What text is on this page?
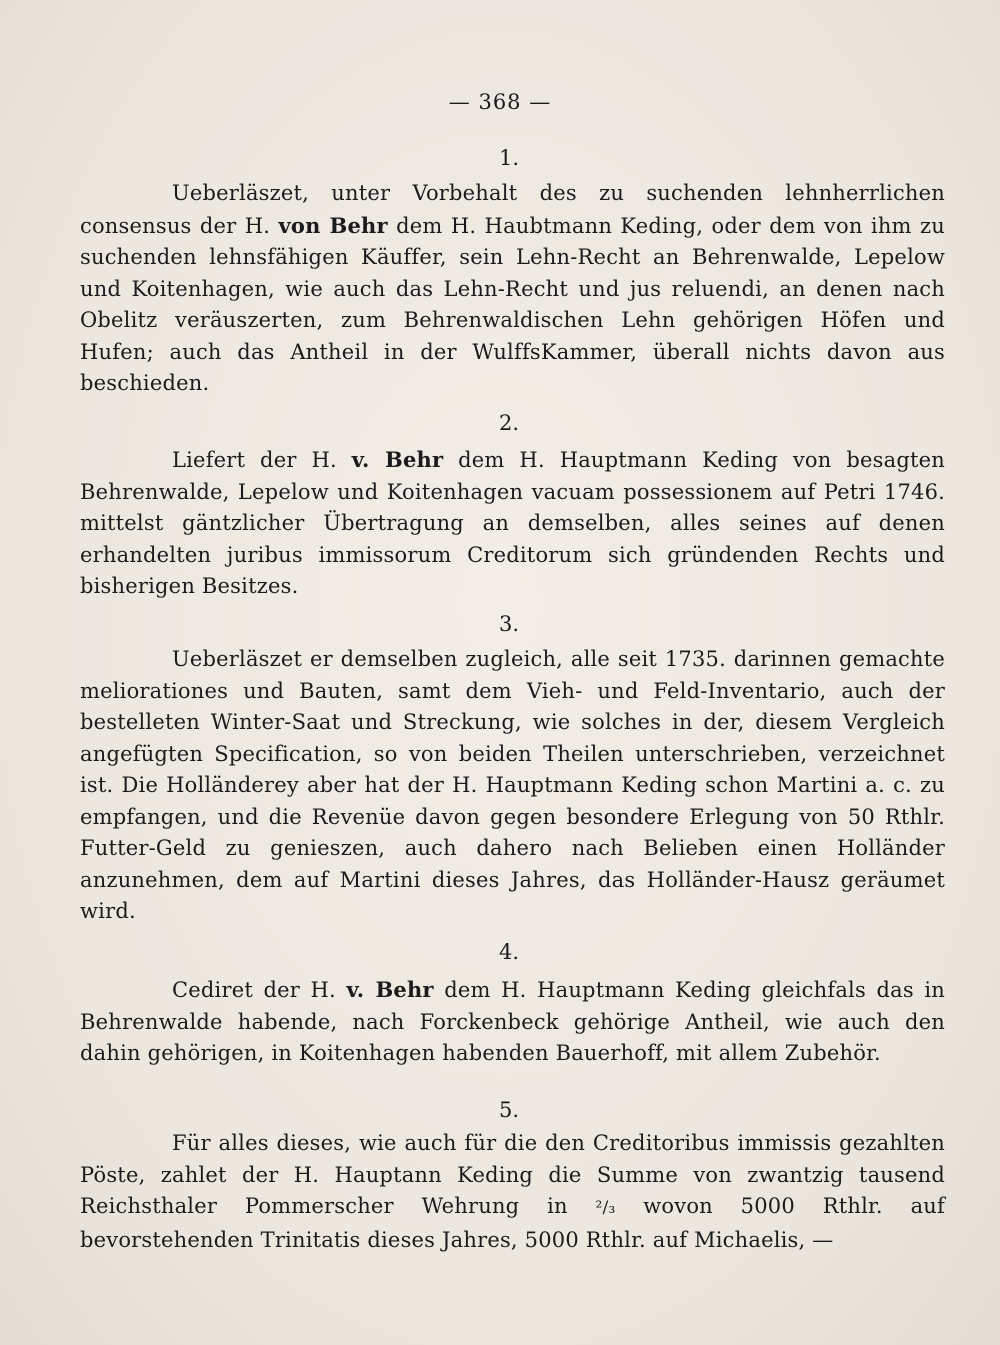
— 368 —
1.

Ueberläszet, unter Vorbehalt des zu suchenden lehnherrlichen consensus der H. von Behr dem H. Haubtmann Keding, oder dem von ihm zu suchenden lehnsfähigen Käuffer, sein Lehn-Recht an Behrenwalde, Lepelow und Koitenhagen, wie auch das Lehn-Recht und jus reluendi, an denen nach Obelitz veräuszerten, zum Behrenwaldischen Lehn gehörigen Höfen und Hufen; auch das Antheil in der WulffsKammer, überall nichts davon aus beschieden.

2.

Liefert der H. v. Behr dem H. Hauptmann Keding von besagten Behrenwalde, Lepelow und Koitenhagen vacuam possessionem auf Petri 1746. mittelst gäntzlicher Übertragung an demselben, alles seines auf denen erhandelten juribus immissorum Creditorum sich gründenden Rechts und bisherigen Besitzes.

3.

Ueberläszet er demselben zugleich, alle seit 1735. darinnen gemachte meliorationes und Bauten, samt dem Vieh- und Feld-Inventario, auch der bestelleten Winter-Saat und Streckung, wie solches in der, diesem Vergleich angefügten Specification, so von beiden Theilen unterschrieben, verzeichnet ist. Die Holländerey aber hat der H. Hauptmann Keding schon Martini a. c. zu empfangen, und die Revenüe davon gegen besondere Erlegung von 50 Rthlr. Futter-Geld zu genieszen, auch dahero nach Belieben einen Holländer anzunehmen, dem auf Martini dieses Jahres, das Holländer-Hausz geräumet wird.

4.

Cediret der H. v. Behr dem H. Hauptmann Keding gleichfals das in Behrenwalde habende, nach Forckenbeck gehörige Antheil, wie auch den dahin gehörigen, in Koitenhagen habenden Bauerhoff, mit allem Zubehör.

5.

Für alles dieses, wie auch für die den Creditoribus immissis gezahlten Pöste, zahlet der H. Hauptann Keding die Summe von zwantzig tausend Reichsthaler Pommerscher Wehrung in ²/₃ wovon 5000 Rthlr. auf bevorstehenden Trinitatis dieses Jahres, 5000 Rthlr. auf Michaelis, —
